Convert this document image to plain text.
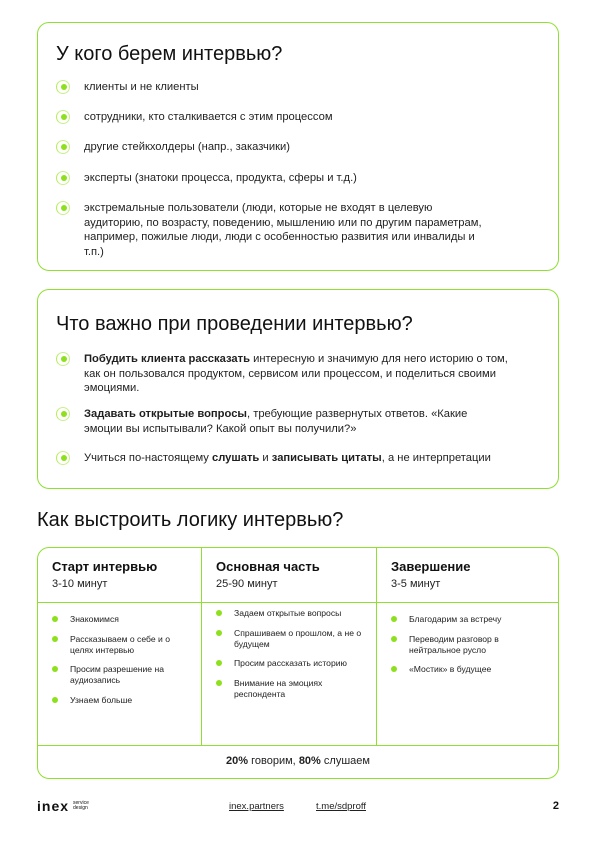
У кого берем интервью?
клиенты и не клиенты
сотрудники, кто сталкивается с этим процессом
другие стейкхолдеры (напр., заказчики)
эксперты (знатоки процесса, продукта, сферы и т.д.)
экстремальные пользователи (люди, которые не входят в целевую аудиторию, по возрасту, поведению, мышлению или по другим параметрам, например, пожилые люди, люди с особенностью развития или инвалиды и т.п.)
Что важно при проведении интервью?
Побудить клиента рассказать интересную и значимую для него историю о том, как он пользовался продуктом, сервисом или процессом, и поделиться своими эмоциями.
Задавать открытые вопросы, требующие развернутых ответов. «Какие эмоции вы испытывали? Какой опыт вы получили?»
Учиться по-настоящему слушать и записывать цитаты, а не интерпретации
Как выстроить логику интервью?
Старт интервью
3-10 минут
Знакомимся
Рассказываем о себе и о целях интервью
Просим разрешение на аудиозапись
Узнаем больше
Основная часть
25-90 минут
Задаем открытые вопросы
Спрашиваем о прошлом, а не о будущем
Просим рассказать историю
Внимание на эмоциях респондента
Завершение
3-5 минут
Благодарим за встречу
Переводим разговор в нейтральное русло
«Мостик» в будущее
20% говорим, 80% слушаем
inex service
design	inex.partners	t.me/sdproff	2
